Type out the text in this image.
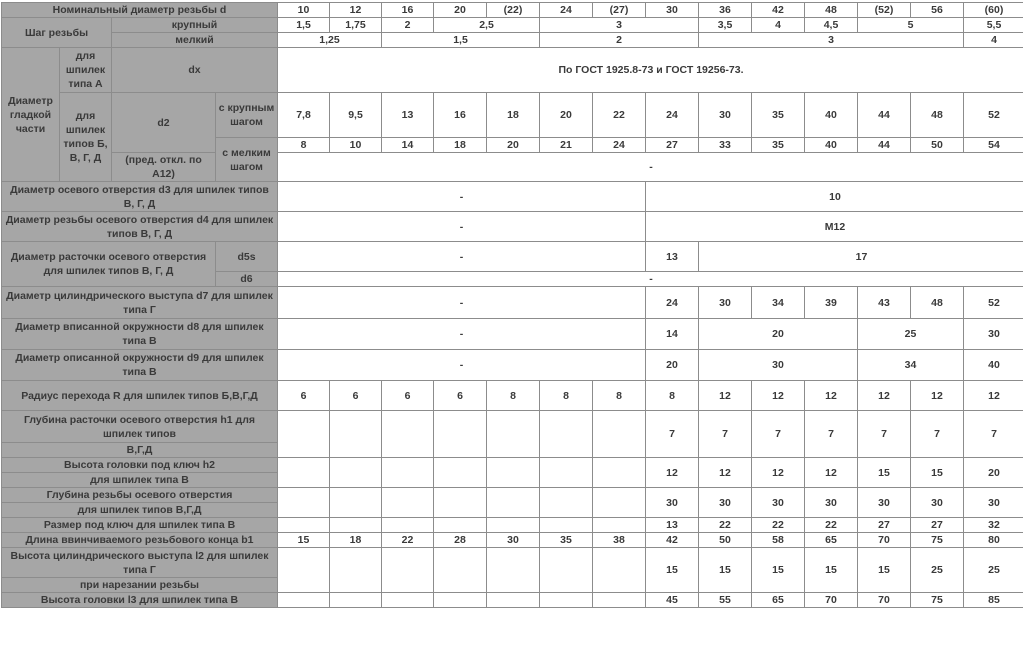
Номинальный диаметр резьбы d				10	12	16	20	(22)	24	(27)	30	36	42	48	(52)	56	(60)
Шаг резьбы		крупный		1,5	1,75	2	2,5		3			3,5	4	4,5	5		5,5
		мелкий		1,25		1,5			2			3					4
Диаметр гладкой части	для шпилек типа А	dx		По ГОСТ 1925.8-73 и ГОСТ 19256-73.													
	для шпилек типов Б, В, Г, Д	d2	с крупным шагом	7,8	9,5	13	16	18	20	22	24	30	35	40	44	48	52
			с мелким шагом	8	10	14	18	20	21	24	27	33	35	40	44	50	54
		(пред. откл. по А12)		-													

Диаметр осевого отверстия d3 для шпилек типов В, Г, Д				-							10						
Диаметр резьбы осевого отверстия d4 для шпилек типов В, Г, Д				-							M12						
Диаметр расточки осевого отверстия для шпилек типов В, Г, Д			d5s	-							13	17					
			d6	-													
Диаметр цилиндрического выступа d7 для шпилек типа Г				-							24	30	34	39	43	48	52
Диаметр вписанной окружности d8 для шпилек типа В				-							14	20			25		30
Диаметр описанной окружности d9 для шпилек типа В				-							20	30			34		40
Радиус перехода R для шпилек типов Б,В,Г,Д				6	6	6	6	8	8	8	8	12	12	12	12	12	12
Глубина расточки осевого отверстия h1 для шпилек типов											7	7	7	7	7	7	7
В,Г,Д																	
Высота головки под ключ h2											12	12	12	12	15	15	20
для шпилек типа В																	
Глубина резьбы осевого отверстия											30	30	30	30	30	30	30
для шпилек типов В,Г,Д																	
Размер под ключ для шпилек типа В											13	22	22	22	27	27	32
Длина ввинчиваемого резьбового конца b1				15	18	22	28	30	35	38	42	50	58	65	70	75	80
Высота цилиндрического выступа l2 для шпилек типа Г											15	15	15	15	15	25	25
при нарезании резьбы																	
Высота головки l3 для шпилек типа В											45	55	65	70	70	75	85
